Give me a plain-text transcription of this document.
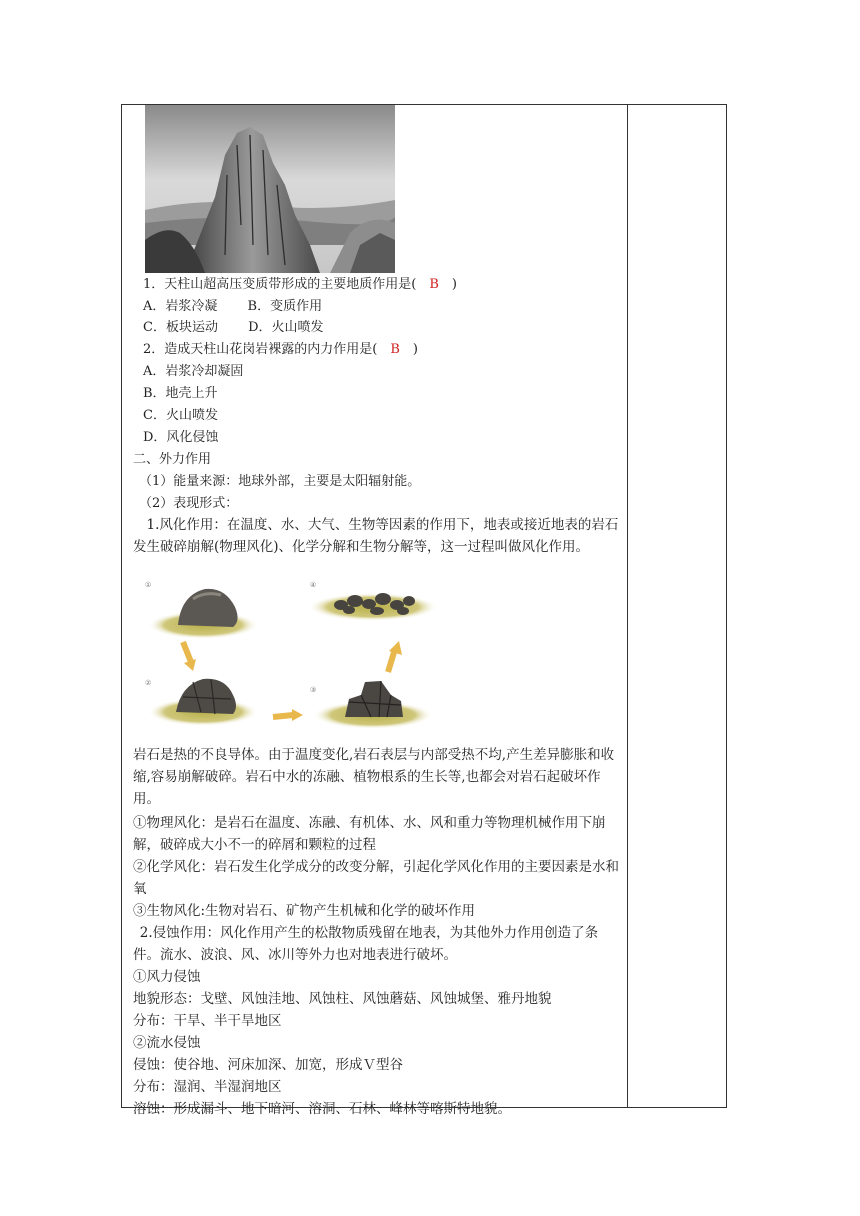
1．天柱山超高压变质带形成的主要地质作用是(　B　)
A．岩浆冷凝　　 B．变质作用
C．板块运动　　 D．火山喷发
2．造成天柱山花岗岩裸露的内力作用是(　B　)
A．岩浆冷却凝固
B．地壳上升
C．火山喷发
D．风化侵蚀
二、外力作用
（1）能量来源：地球外部，主要是太阳辐射能。
（2）表现形式：
1.风化作用：在温度、水、大气、生物等因素的作用下，地表或接近地表的岩石发生破碎崩解(物理风化)、化学分解和生物分解等，这一过程叫做风化作用。
①
②
③
④
岩石是热的不良导体。由于温度变化,岩石表层与内部受热不均,产生差异膨胀和收缩,容易崩解破碎。岩石中水的冻融、植物根系的生长等,也都会对岩石起破坏作用。
①物理风化：是岩石在温度、冻融、有机体、水、风和重力等物理机械作用下崩解，破碎成大小不一的碎屑和颗粒的过程
②化学风化：岩石发生化学成分的改变分解，引起化学风化作用的主要因素是水和氧
③生物风化:生物对岩石、矿物产生机械和化学的破坏作用
2.侵蚀作用：风化作用产生的松散物质残留在地表，为其他外力作用创造了条件。流水、波浪、风、冰川等外力也对地表进行破坏。
①风力侵蚀
地貌形态：戈壁、风蚀洼地、风蚀柱、风蚀蘑菇、风蚀城堡、雅丹地貌
分布：干旱、半干旱地区
②流水侵蚀
侵蚀：使谷地、河床加深、加宽，形成Ｖ型谷
分布：湿润、半湿润地区
溶蚀：形成漏斗、地下暗河、溶洞、石林、峰林等喀斯特地貌。
